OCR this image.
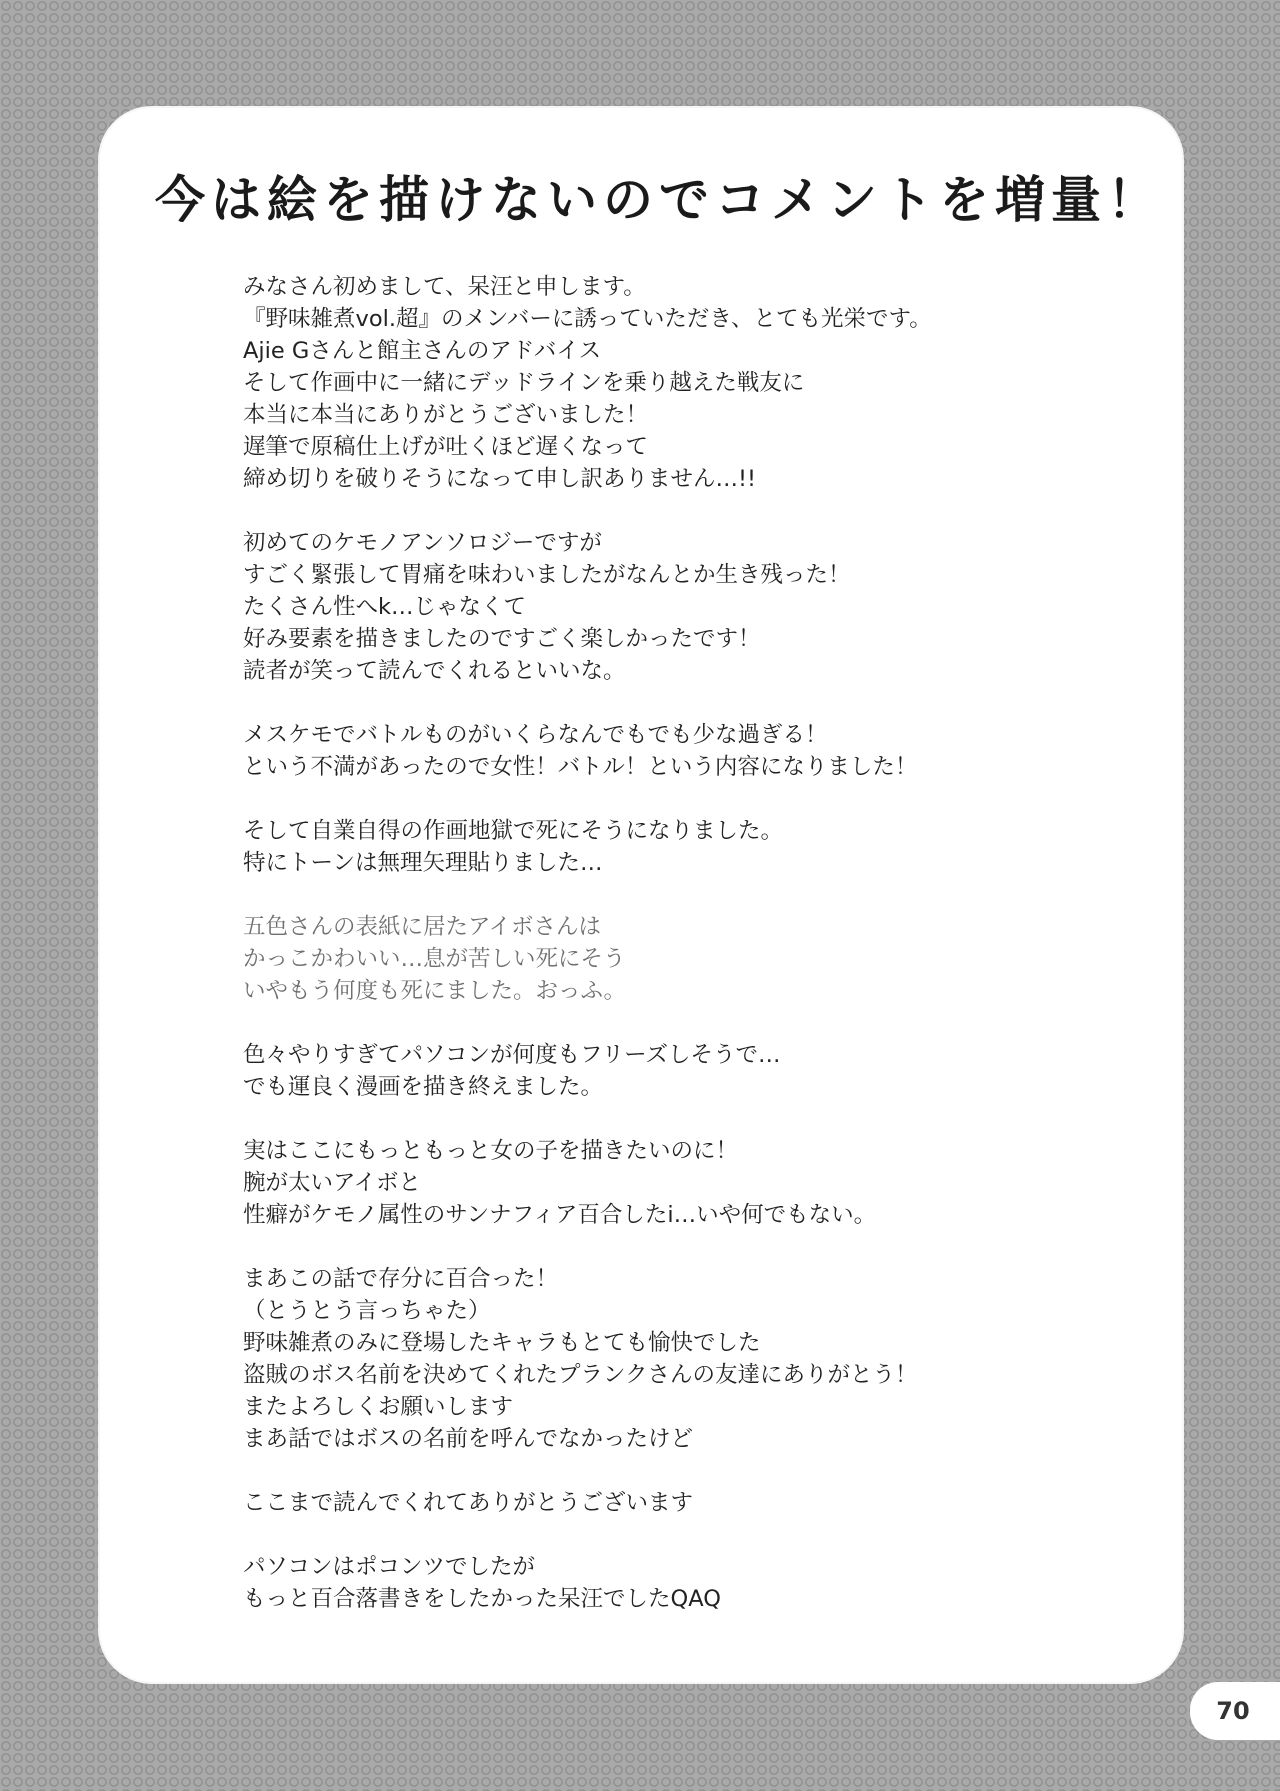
今は絵を描けないのでコメントを増量！
みなさん初めまして、呆汪と申します。
『野味雑煮vol.超』のメンバーに誘っていただき、とても光栄です。
Ajie Gさんと館主さんのアドバイス
そして作画中に一緒にデッドラインを乗り越えた戦友に
本当に本当にありがとうございました！
遅筆で原稿仕上げが吐くほど遅くなって
締め切りを破りそうになって申し訳ありません…!!
初めてのケモノアンソロジーですが
すごく緊張して胃痛を味わいましたがなんとか生き残った！
たくさん性へk…じゃなくて
好み要素を描きましたのですごく楽しかったです！
読者が笑って読んでくれるといいな。
メスケモでバトルものがいくらなんでもでも少な過ぎる！
という不満があったので女性！バトル！という内容になりました！
そして自業自得の作画地獄で死にそうになりました。
特にトーンは無理矢理貼りました…
五色さんの表紙に居たアイボさんは
かっこかわいい…息が苦しい死にそう
いやもう何度も死にました。おっふ。
色々やりすぎてパソコンが何度もフリーズしそうで…
でも運良く漫画を描き終えました。
実はここにもっともっと女の子を描きたいのに！
腕が太いアイボと
性癖がケモノ属性のサンナフィア百合したi…いや何でもない。
まあこの話で存分に百合った！
（とうとう言っちゃた）
野味雑煮のみに登場したキャラもとても愉快でした
盗賊のボス名前を決めてくれたプランクさんの友達にありがとう！
またよろしくお願いします
まあ話ではボスの名前を呼んでなかったけど
ここまで読んでくれてありがとうございます
パソコンはポコンツでしたが
もっと百合落書きをしたかった呆汪でしたQAQ
70
